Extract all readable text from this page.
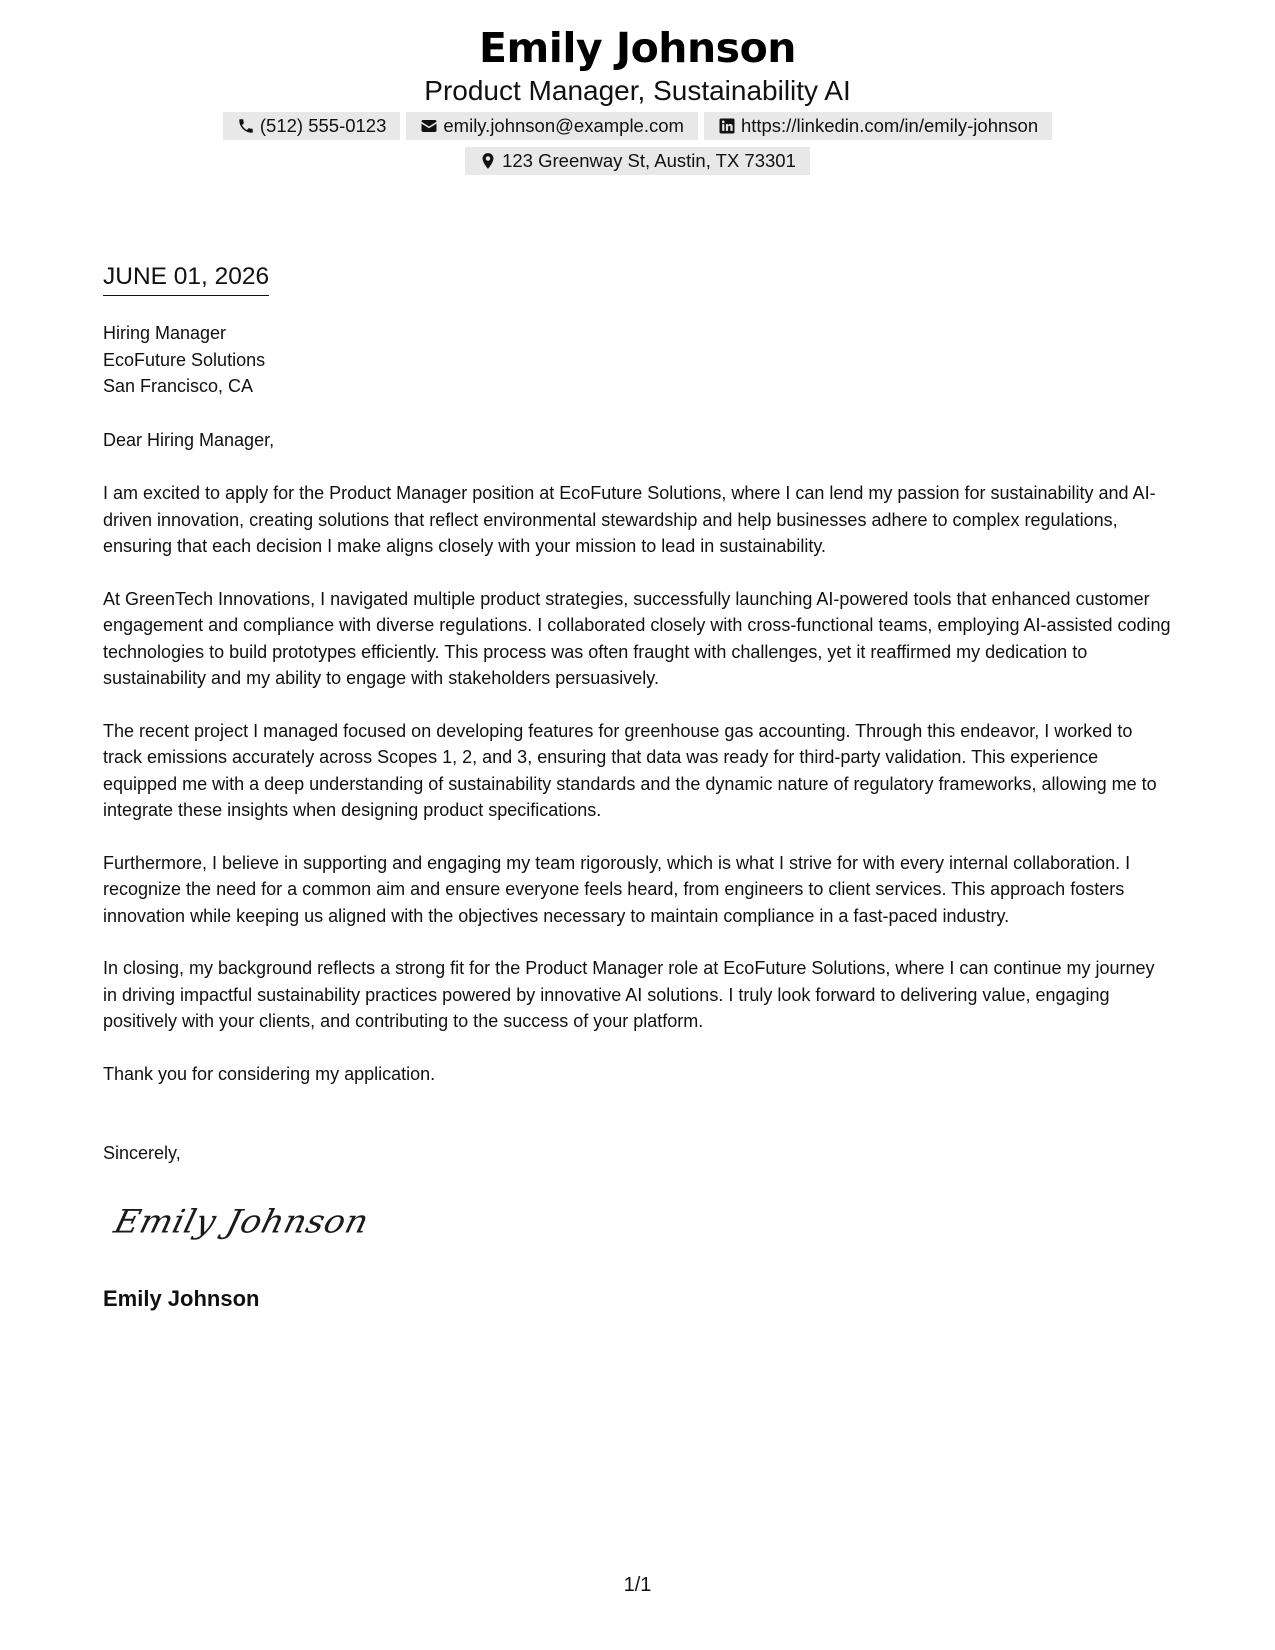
Emily Johnson
Product Manager, Sustainability AI
(512) 555-0123	emily.johnson@example.com	https://linkedin.com/in/emily-johnson
123 Greenway St, Austin, TX 73301
JUNE 01, 2026
Hiring Manager
EcoFuture Solutions
San Francisco, CA
Dear Hiring Manager,

I am excited to apply for the Product Manager position at EcoFuture Solutions, where I can lend my passion for sustainability and AI-driven innovation, creating solutions that reflect environmental stewardship and help businesses adhere to complex regulations, ensuring that each decision I make aligns closely with your mission to lead in sustainability.

At GreenTech Innovations, I navigated multiple product strategies, successfully launching AI-powered tools that enhanced customer engagement and compliance with diverse regulations. I collaborated closely with cross-functional teams, employing AI-assisted coding technologies to build prototypes efficiently. This process was often fraught with challenges, yet it reaffirmed my dedication to sustainability and my ability to engage with stakeholders persuasively.

The recent project I managed focused on developing features for greenhouse gas accounting. Through this endeavor, I worked to track emissions accurately across Scopes 1, 2, and 3, ensuring that data was ready for third-party validation. This experience equipped me with a deep understanding of sustainability standards and the dynamic nature of regulatory frameworks, allowing me to integrate these insights when designing product specifications.

Furthermore, I believe in supporting and engaging my team rigorously, which is what I strive for with every internal collaboration. I recognize the need for a common aim and ensure everyone feels heard, from engineers to client services. This approach fosters innovation while keeping us aligned with the objectives necessary to maintain compliance in a fast-paced industry.

In closing, my background reflects a strong fit for the Product Manager role at EcoFuture Solutions, where I can continue my journey in driving impactful sustainability practices powered by innovative AI solutions. I truly look forward to delivering value, engaging positively with your clients, and contributing to the success of your platform.

Thank you for considering my application.

Sincerely,
Emily Johnson
Emily Johnson
1/1
